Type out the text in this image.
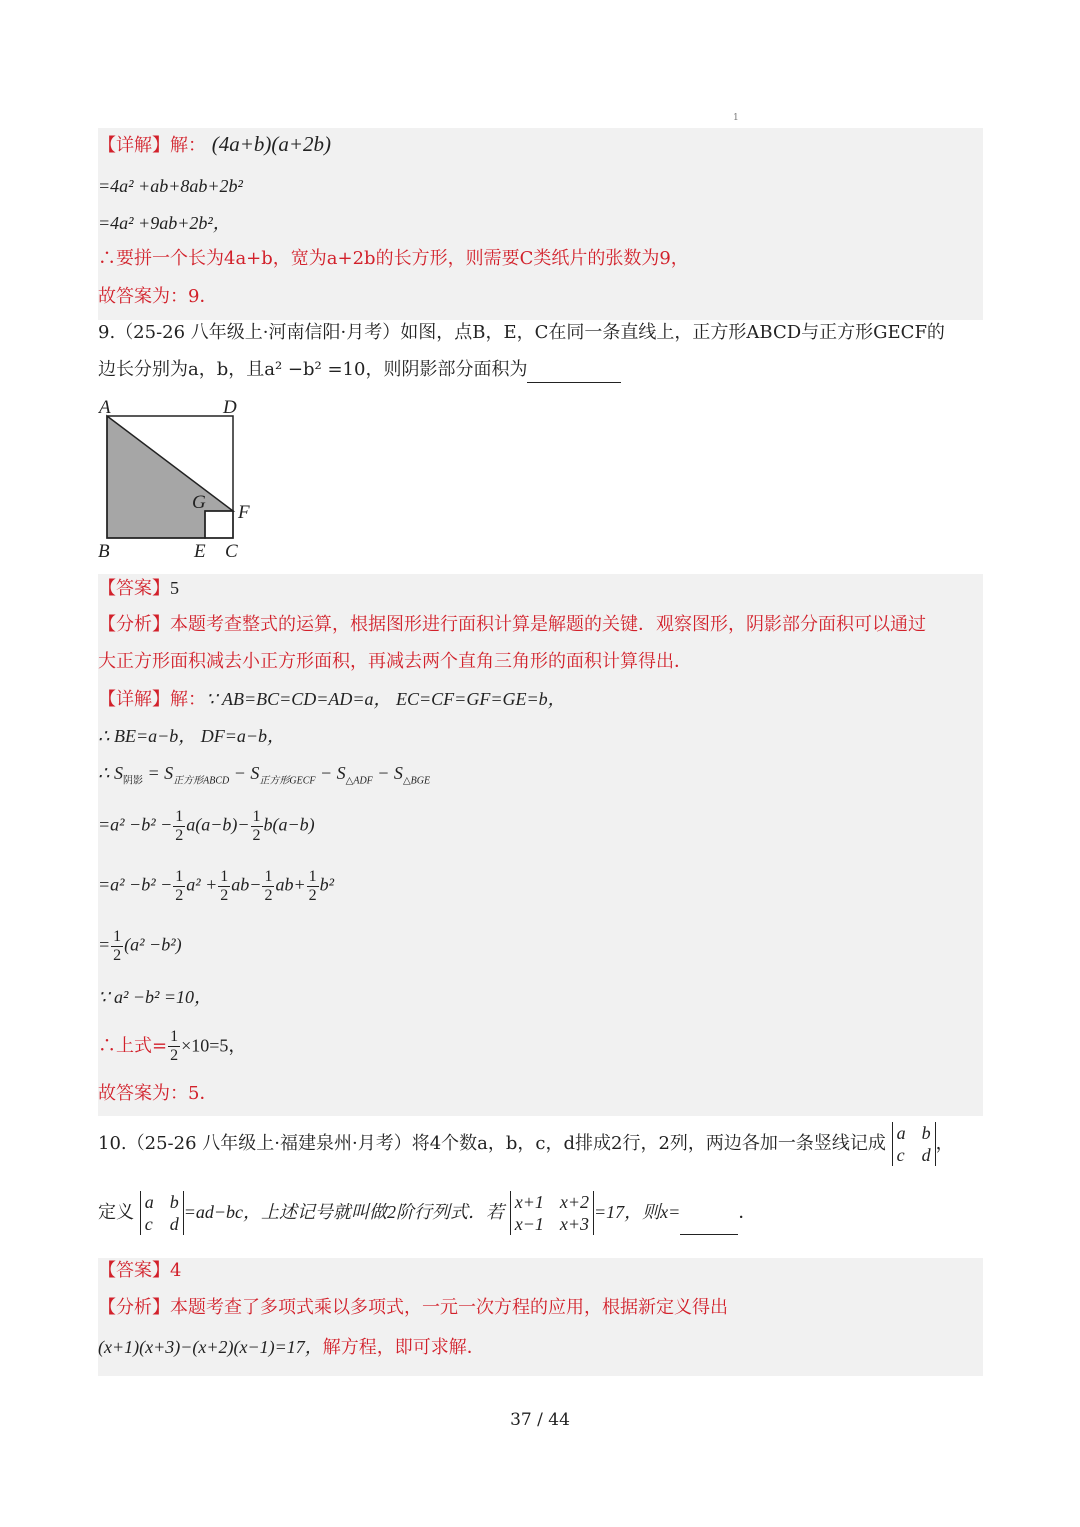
1
【详解】解： (4a+b)(a+2b)
=4a² +ab+8ab+2b²
=4a² +9ab+2b²，
∴要拼一个长为4a+b，宽为a+2b的长方形，则需要C类纸片的张数为9，
故答案为：9．
9.（25-26 八年级上·河南信阳·月考）如图，点B，E，C在同一条直线上，正方形ABCD与正方形GECF的
边长分别为a，b，且a² −b² =10，则阴影部分面积为
A	D
G F
B	E C
【答案】5
【分析】本题考查整式的运算，根据图形进行面积计算是解题的关键．观察图形，阴影部分面积可以通过
大正方形面积减去小正方形面积，再减去两个直角三角形的面积计算得出．
【详解】解：∵ AB=BC=CD=AD=a， EC=CF=GF=GE=b，
∴ BE=a−b， DF=a−b，
∴ $S_{阴影} = S_{正方形ABCD} - S_{正方形GECF} - S_{\triangle ADF} - S_{\triangle BGE}$
$=a^2 -b^2 - \frac{1}{2} a(a-b)- \frac{1}{2} b(a-b)$
$=a^2 -b^2 - \frac{1}{2} a^2 + \frac{1}{2} ab- \frac{1}{2} ab+ \frac{1}{2} b^2$
= $\frac{1}{2} (a^2 -b^2)$
∵ a² −b² =10，
∴上式= $\frac{1}{2} \times 10=5$，
故答案为：5．
10.（25-26 八年级上·福建泉州·月考）将4个数a，b，c，d排成2行，2列，两边各加一条竖线记成 a b
c d
，
定义 a b
c d
=ad−bc，上述记号就叫做2阶行列式．若 x+1 x+2
x−1 x+3
=17，则x=	．
【答案】4
【分析】本题考查了多项式乘以多项式，一元一次方程的应用，根据新定义得出
(x+1)(x+3)−(x+2)(x−1)=17，解方程，即可求解．
37 / 44
